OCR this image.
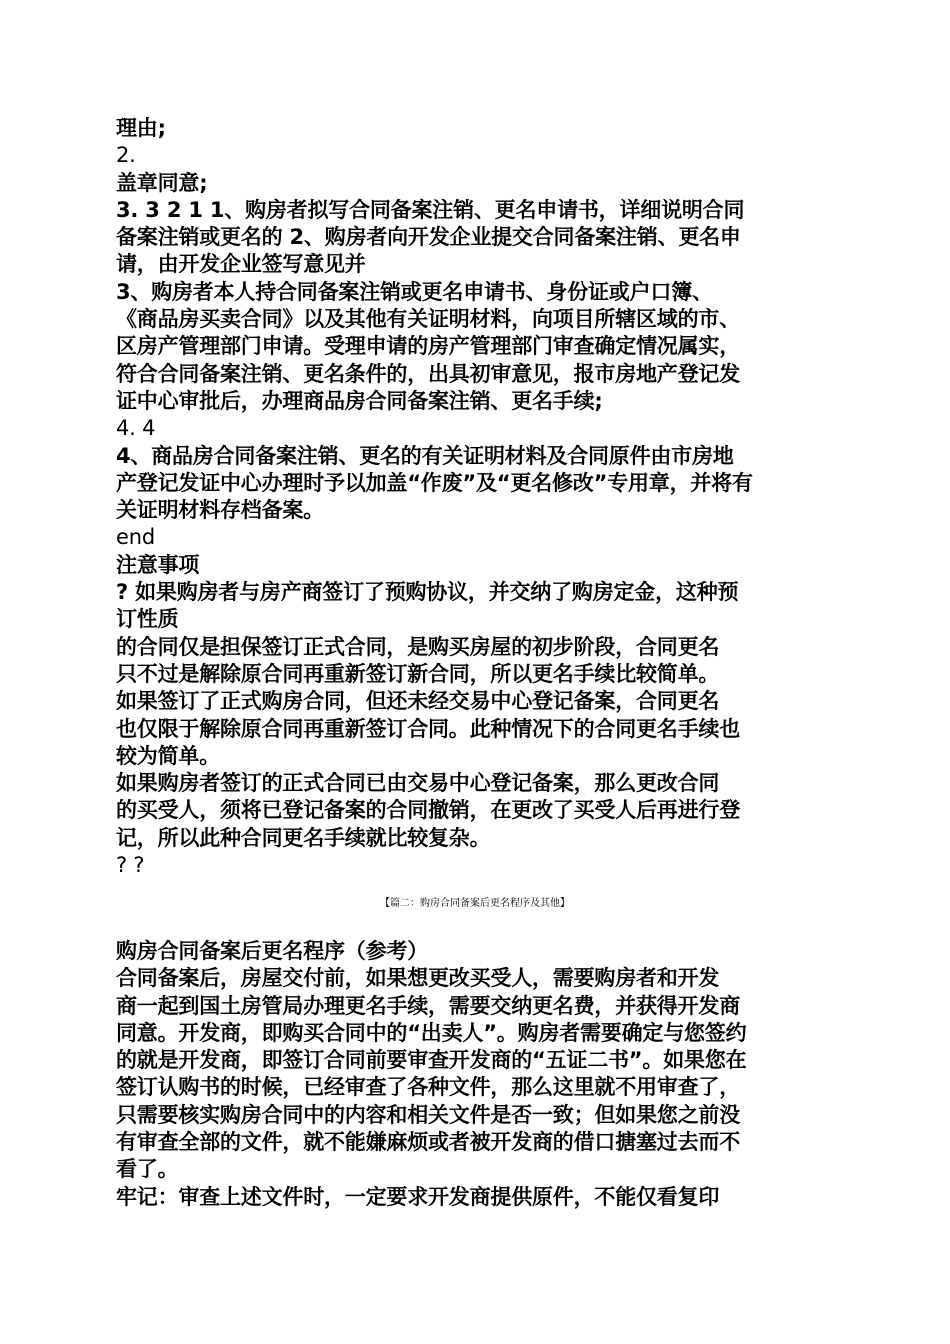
理由;
2.
盖章同意;
3. 3 2 1 1、购房者拟写合同备案注销、更名申请书，详细说明合同
备案注销或更名的 2、购房者向开发企业提交合同备案注销、更名申
请，由开发企业签写意见并
3、购房者本人持合同备案注销或更名申请书、身份证或户口簿、
《商品房买卖合同》以及其他有关证明材料，向项目所辖区域的市、
区房产管理部门申请。受理申请的房产管理部门审查确定情况属实，
符合合同备案注销、更名条件的，出具初审意见，报市房地产登记发
证中心审批后，办理商品房合同备案注销、更名手续;
4. 4
4、商品房合同备案注销、更名的有关证明材料及合同原件由市房地
产登记发证中心办理时予以加盖“作废”及“更名修改”专用章，并将有
关证明材料存档备案。
end
注意事项
? 如果购房者与房产商签订了预购协议，并交纳了购房定金，这种预
订性质
的合同仅是担保签订正式合同，是购买房屋的初步阶段，合同更名
只不过是解除原合同再重新签订新合同，所以更名手续比较简单。
如果签订了正式购房合同，但还未经交易中心登记备案，合同更名
也仅限于解除原合同再重新签订合同。此种情况下的合同更名手续也
较为简单。
如果购房者签订的正式合同已由交易中心登记备案，那么更改合同
的买受人，须将已登记备案的合同撤销，在更改了买受人后再进行登
记，所以此种合同更名手续就比较复杂。
? ?
【篇二：购房合同备案后更名程序及其他】
购房合同备案后更名程序（参考）
合同备案后，房屋交付前，如果想更改买受人，需要购房者和开发
商一起到国土房管局办理更名手续，需要交纳更名费，并获得开发商
同意。开发商，即购买合同中的“出卖人”。购房者需要确定与您签约
的就是开发商，即签订合同前要审查开发商的“五证二书”。如果您在
签订认购书的时候，已经审查了各种文件，那么这里就不用审查了，
只需要核实购房合同中的内容和相关文件是否一致；但如果您之前没
有审查全部的文件，就不能嫌麻烦或者被开发商的借口搪塞过去而不
看了。
牢记：审查上述文件时，一定要求开发商提供原件，不能仅看复印
